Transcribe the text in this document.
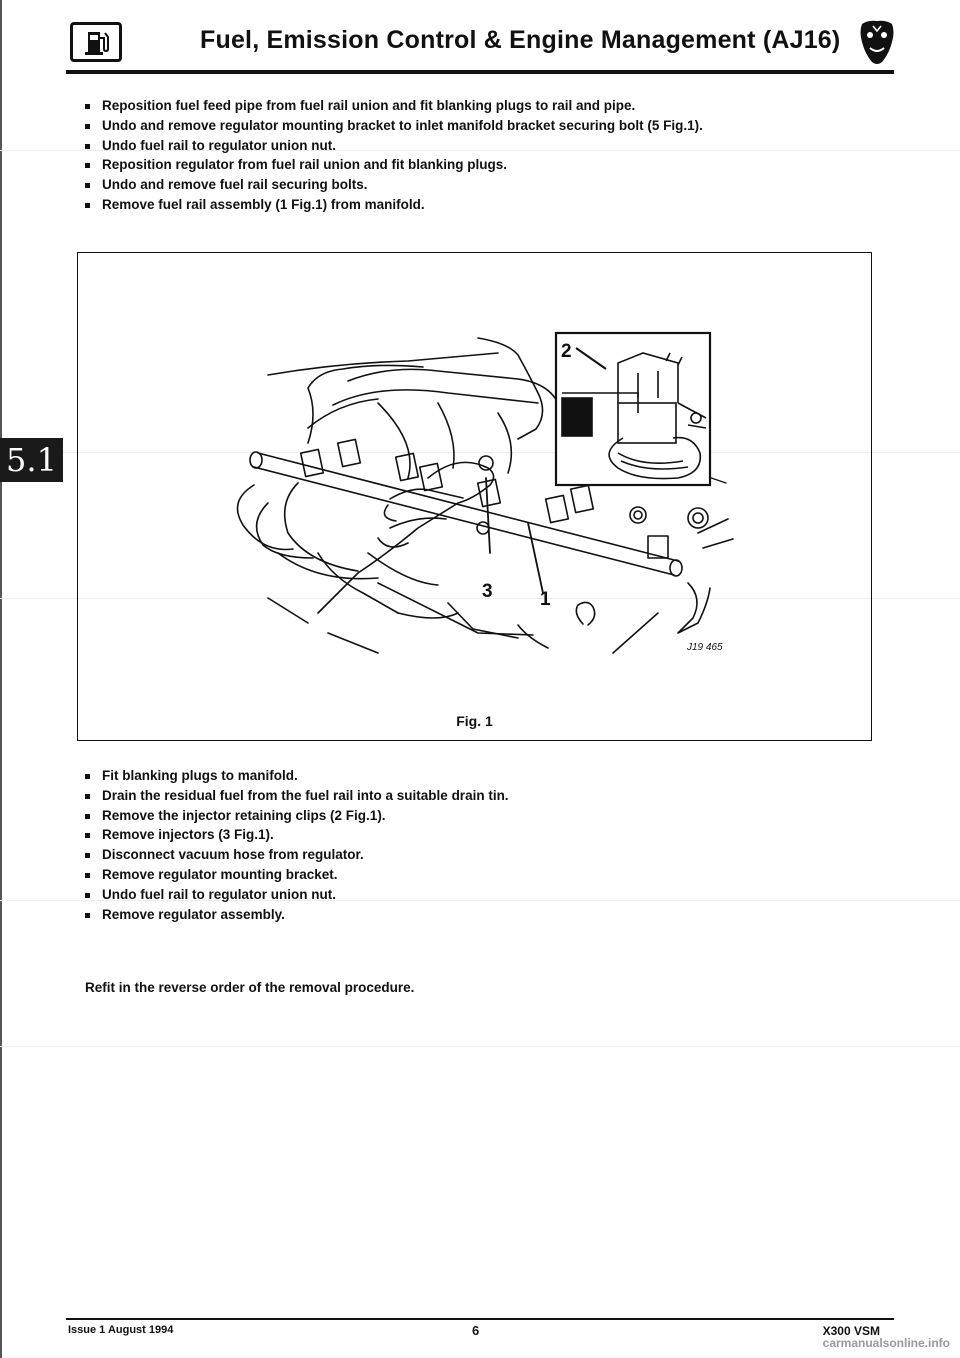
Fuel, Emission Control & Engine Management (AJ16)
5.1
Reposition fuel feed pipe from fuel rail union and fit blanking plugs to rail and pipe.
Undo and remove regulator mounting bracket to inlet manifold bracket securing bolt (5 Fig.1).
Undo fuel rail to regulator union nut.
Reposition regulator from fuel rail union and fit blanking plugs.
Undo and remove fuel rail securing bolts.
Remove fuel rail assembly (1 Fig.1) from manifold.
2
3 1
J19 465
Fig. 1
Fit blanking plugs to manifold.
Drain the residual fuel from the fuel rail into a suitable drain tin.
Remove the injector retaining clips (2 Fig.1).
Remove injectors (3 Fig.1).
Disconnect vacuum hose from regulator.
Remove regulator mounting bracket.
Undo fuel rail to regulator union nut.
Remove regulator assembly.
Refit in the reverse order of the removal procedure.
Issue 1 August 1994	6	X300 VSM
carmanualsonline.info
